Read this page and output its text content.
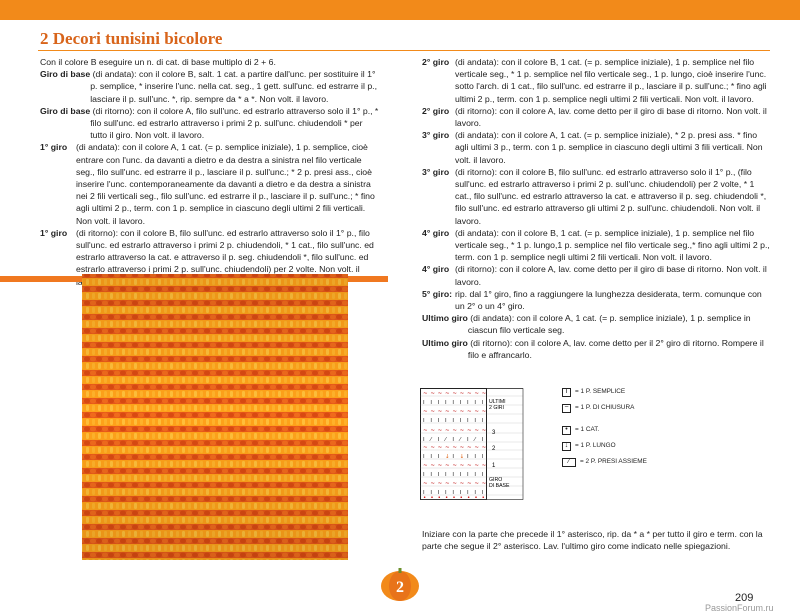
2 Decori tunisini bicolore

Con il colore B eseguire un n. di cat. di base multiplo di 2 + 6.

Giro di base (di andata): con il colore B, salt. 1 cat. a partire dall'unc. per sostituire il 1° p. semplice, * inserire l'unc. nella cat. seg., 1 gett. sull'unc. ed estrarre il p., lasciare il p. sull'unc. *, rip. sempre da * a *. Non volt. il lavoro.
Giro di base (di ritorno): con il colore A, filo sull'unc. ed estrarlo attraverso solo il 1° p., * filo sull'unc. ed estrarlo attraverso i primi 2 p. sull'unc. chiudendoli * per tutto il giro. Non volt. il lavoro.
1° giro	(di andata): con il colore A, 1 cat. (= p. semplice iniziale), 1 p. semplice, cioè entrare con l'unc. da davanti a dietro e da destra a sinistra nel filo verticale seg., filo sull'unc. ed estrarre il p., lasciare il p. sull'unc.; * 2 p. presi ass., cioè inserire l'unc. contemporaneamente da davanti a dietro e da destra a sinistra nei 2 fili verticali seg., filo sull'unc. ed estrarre il p., lasciare il p. sull'unc.; * fino agli ultimi 2 p., term. con 1 p. semplice in ciascuno degli ultimi 2 fili verticali. Non volt. il lavoro.
1° giro	(di ritorno): con il colore B, filo sull'unc. ed estrarlo attraverso solo il 1° p., filo sull'unc. ed estrarlo attraverso i primi 2 p. chiudendoli, * 1 cat., filo sull'unc. ed estrarlo attraverso la cat. e attraverso il p. seg. chiudendoli *, filo sull'unc. ed estrarlo attraverso i primi 2 p. sull'unc. chiudendoli) per 2 volte. Non volt. il
2° giro (di andata): con il colore B, 1 cat. (= p. semplice iniziale), 1 p. semplice nel filo verticale seg., * 1 p. semplice nel filo verticale seg., 1 p. lungo, cioè inserire l'unc. sotto l'arch. di 1 cat., filo sull'unc. ed estrarre il p., lasciare il p. sull'unc.; * fino agli ultimi 2 p., term. con 1 p. semplice negli ultimi 2 fili verticali. Non volt. il lavoro.
2° giro (di ritorno): con il colore A, lav. come detto per il giro di base di ritorno. Non volt. il lavoro.
3° giro (di andata): con il colore A, 1 cat. (= p. semplice iniziale), * 2 p. presi ass. * fino agli ultimi 3 p., term. con 1 p. semplice in ciascuno degli ultimi 3 fili verticali. Non volt. il lavoro.
3° giro (di ritorno): con il colore B, filo sull'unc. ed estrarlo attraverso solo il 1° p., (filo sull'unc. ed estrarlo attraverso i primi 2 p. sull'unc. chiudendoli) per 2 volte, * 1 cat., filo sull'unc. ed estrarlo attraverso la cat. e attraverso il p. seg. chiudendoli *, filo sull'unc. ed estrarlo attraverso gli ultimi 2 p. sull'unc. chiudendoli. Non volt. il lavoro.
4° giro (di andata): con il colore B, 1 cat. (= p. semplice iniziale), 1 p. semplice nel filo verticale seg., * 1 p. lungo,1 p. semplice nel filo verticale seg.,* fino agli ultimi 2 p., term. con 1 p. semplice negli ultimi 2 fili verticali. Non volt. il lavoro.
4° giro (di ritorno): con il colore A, lav. come detto per il giro di base di ritorno. Non volt. il lavoro.
5° giro: rip. dal 1° giro, fino a raggiungere la lunghezza desiderata, term. comunque con un 2° o un 4° giro.
Ultimo giro (di andata): con il colore A, 1 cat. (= p. semplice iniziale), 1 p. semplice in ciascun filo verticale seg.
Ultimo giro (di ritorno): con il colore A, lav. come detto per il 2° giro di ritorno. Rompere il filo e affrancarlo.
~ ~ ~ ~ ~ ~ ~ ~ ~
I I I I I I I I I
~ ~ ~ ~ ~ ~ ~ ~ ~
I I I I I I I I I
~ ~ ~ ~ ~ ~ ~ ~ ~
I ⁄ I ⁄ I ⁄ I ⁄ I
~ ~ ~ ~ ~ ~ ~ ~ ~
I I I ↓ I ↓ I I I
~ ~ ~ ~ ~ ~ ~ ~ ~
I I I I I I I I I
~ ~ ~ ~ ~ ~ ~ ~ ~
I I I I I I I I I
• • • • • • • • •
ULTIMI 2 GIRI
3
2
1
GIRO DI BASE
I	= 1 P. SEMPLICE
~	= 1 P. DI CHIUSURA
•	= 1 CAT.
↓	= 1 P. LUNGO
⁄	= 2 P. PRESI ASSIEME

Iniziare con la parte che precede il 1° asterisco, rip. da * a * per tutto il giro e term. con la parte che segue il 2° asterisco. Lav. l'ultimo giro come indicato nelle spiegazioni.

2
209
PassionForum.ru
